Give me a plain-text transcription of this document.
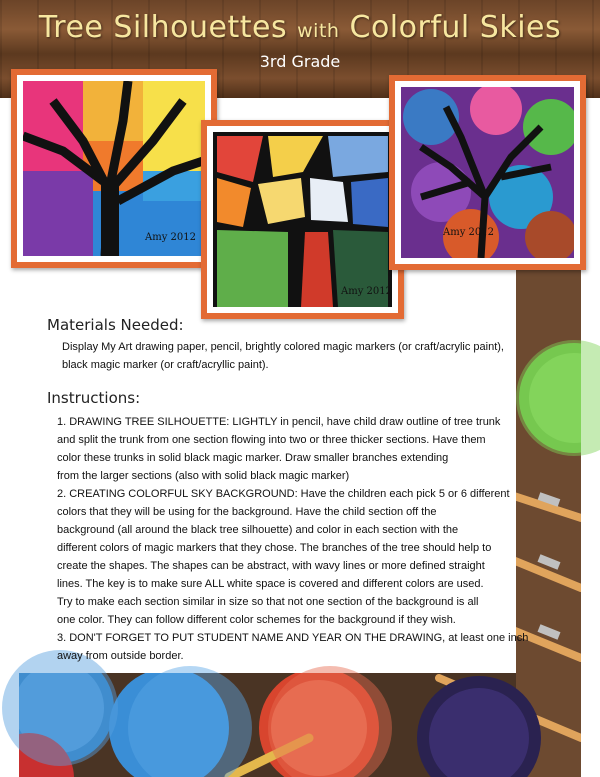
Tree Silhouettes with Colorful Skies
3rd Grade
Amy 2012
Amy 2012
Amy 2012
Materials Needed:
Display My Art drawing paper, pencil, brightly colored magic markers (or craft/acrylic paint),
black magic marker (or craft/acryllic paint).
Instructions:
1. DRAWING TREE SILHOUETTE: LIGHTLY in pencil, have child draw outline of tree trunk
and split the trunk from one section flowing into two or three thicker sections. Have them
color these trunks in solid black magic marker. Draw smaller branches extending
from the larger sections (also with solid black magic marker)
2. CREATING COLORFUL SKY BACKGROUND: Have the children each pick 5 or 6 different
colors that they will be using for the background. Have the child section off the
background (all around the black tree silhouette) and color in each section with the
different colors of magic markers that they chose. The branches of the tree should help to
create the shapes. The shapes can be abstract, with wavy lines or more defined straight
lines. The key is to make sure ALL white space is covered and different colors are used.
Try to make each section similar in size so that not one section of the background is all
one color. They can follow different color schemes for the background if they wish.
3. DON'T FORGET TO PUT STUDENT NAME AND YEAR ON THE DRAWING, at least one inch
away from outside border.
